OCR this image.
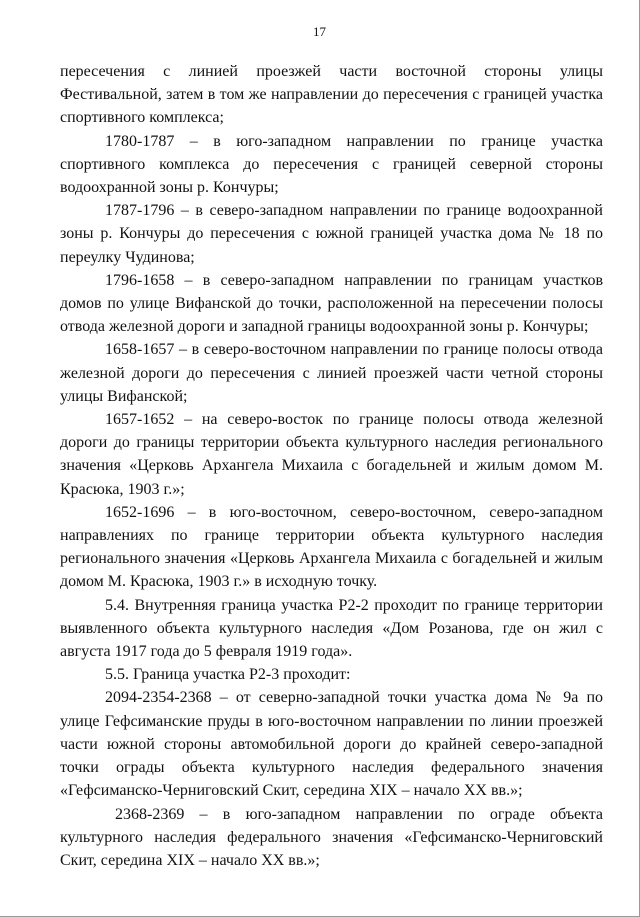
17

пересечения с линией проезжей части восточной стороны улицы Фестивальной, затем в том же направлении до пересечения с границей участка спортивного комплекса;

1780-1787 – в юго-западном направлении по границе участка спортивного комплекса до пересечения с границей северной стороны водоохранной зоны р. Кончуры;

1787-1796 – в северо-западном направлении по границе водоохранной зоны р. Кончуры до пересечения с южной границей участка дома № 18 по переулку Чудинова;

1796-1658 – в северо-западном направлении по границам участков домов по улице Вифанской до точки, расположенной на пересечении полосы отвода железной дороги и западной границы водоохранной зоны р. Кончуры;

1658-1657 – в северо-восточном направлении по границе полосы отвода железной дороги до пересечения с линией проезжей части четной стороны улицы Вифанской;

1657-1652 – на северо-восток по границе полосы отвода железной дороги до границы территории объекта культурного наследия регионального значения «Церковь Архангела Михаила с богадельней и жилым домом М. Красюка, 1903 г.»;

1652-1696 – в юго-восточном, северо-восточном, северо-западном направлениях по границе территории объекта культурного наследия регионального значения «Церковь Архангела Михаила с богадельней и жилым домом М. Красюка, 1903 г.» в исходную точку.

5.4. Внутренняя граница участка Р2-2 проходит по границе территории выявленного объекта культурного наследия «Дом Розанова, где он жил с августа 1917 года до 5 февраля 1919 года».

5.5. Граница участка Р2-3 проходит:

2094-2354-2368 – от северно-западной точки участка дома № 9а по улице Гефсиманские пруды в юго-восточном направлении по линии проезжей части южной стороны автомобильной дороги до крайней северо-западной точки ограды объекта культурного наследия федерального значения «Гефсиманско-Черниговский Скит, середина XIX – начало XX вв.»;

2368-2369 – в юго-западном направлении по ограде объекта культурного наследия федерального значения «Гефсиманско-Черниговский Скит, середина XIX – начало XX вв.»;
